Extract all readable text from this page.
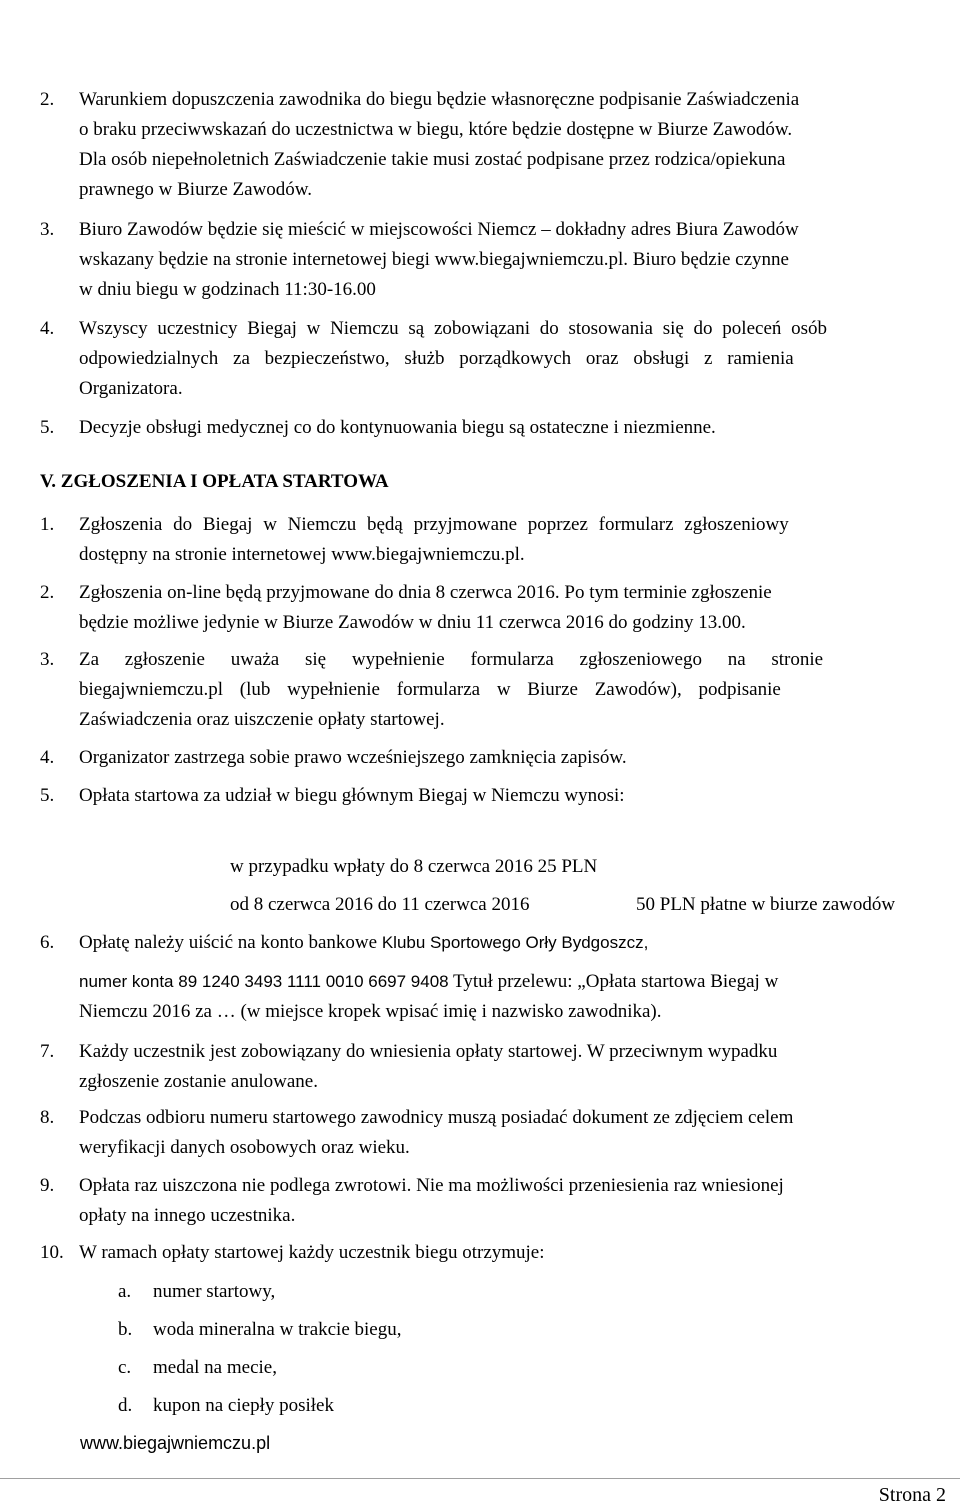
2. Warunkiem dopuszczenia zawodnika do biegu będzie własnoręczne podpisanie Zaświadczenia
o braku przeciwwskazań do uczestnictwa w biegu, które będzie dostępne w Biurze Zawodów.
Dla osób niepełnoletnich Zaświadczenie takie musi zostać podpisane przez rodzica/opiekuna
prawnego w Biurze Zawodów.
3. Biuro Zawodów będzie się mieścić w miejscowości Niemcz – dokładny adres Biura Zawodów
wskazany będzie na stronie internetowej biegi www.biegajwniemczu.pl. Biuro będzie czynne
w dniu biegu w godzinach 11:30-16.00
4. Wszyscy uczestnicy Biegaj w Niemczu są zobowiązani do stosowania się do poleceń osób
odpowiedzialnych za bezpieczeństwo, służb porządkowych oraz obsługi z ramienia
Organizatora.
5. Decyzje obsługi medycznej co do kontynuowania biegu są ostateczne i niezmienne.
V. ZGŁOSZENIA I OPŁATA STARTOWA
1. Zgłoszenia do Biegaj w Niemczu będą przyjmowane poprzez formularz zgłoszeniowy
dostępny na stronie internetowej www.biegajwniemczu.pl.
2. Zgłoszenia on-line będą przyjmowane do dnia 8 czerwca 2016. Po tym terminie zgłoszenie
będzie możliwe jedynie w Biurze Zawodów w dniu 11 czerwca 2016 do godziny 13.00.
3. Za zgłoszenie uważa się wypełnienie formularza zgłoszeniowego na stronie
biegajwniemczu.pl (lub wypełnienie formularza w Biurze Zawodów), podpisanie
Zaświadczenia oraz uiszczenie opłaty startowej.
4. Organizator zastrzega sobie prawo wcześniejszego zamknięcia zapisów.
5. Opłata startowa za udział w biegu głównym Biegaj w Niemczu wynosi:
w przypadku wpłaty do 8 czerwca 2016 25 PLN
od 8 czerwca 2016 do 11 czerwca 2016	50 PLN płatne w biurze zawodów
6. Opłatę należy uiścić na konto bankowe Klubu Sportowego Orły Bydgoszcz,
numer konta 89 1240 3493 1111 0010 6697 9408 Tytuł przelewu: „Opłata startowa Biegaj w
Niemczu 2016 za … (w miejsce kropek wpisać imię i nazwisko zawodnika).
7. Każdy uczestnik jest zobowiązany do wniesienia opłaty startowej. W przeciwnym wypadku
zgłoszenie zostanie anulowane.
8. Podczas odbioru numeru startowego zawodnicy muszą posiadać dokument ze zdjęciem celem
weryfikacji danych osobowych oraz wieku.
9. Opłata raz uiszczona nie podlega zwrotowi. Nie ma możliwości przeniesienia raz wniesionej
opłaty na innego uczestnika.
10. W ramach opłaty startowej każdy uczestnik biegu otrzymuje:
a. numer startowy,
b. woda mineralna w trakcie biegu,
c. medal na mecie,
d. kupon na ciepły posiłek
www.biegajwniemczu.pl
Strona 2
